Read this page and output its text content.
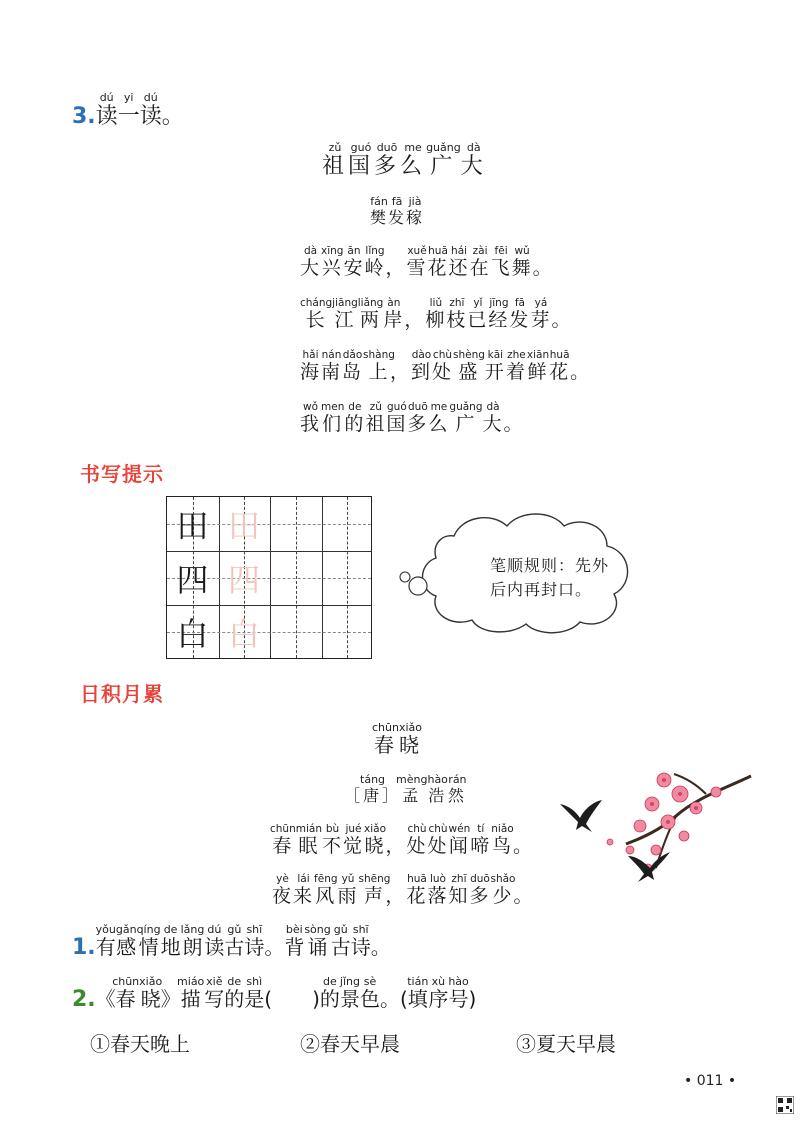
3.读dú一yi读dú。
祖zǔ国guó多duō么me广guǎng大dà
樊fán发fā稼jià
大dà兴xīng安ān岭lǐng，雪xuě花huā还hái在zài飞fēi舞wǔ。
长cháng江jiāng两liǎng岸àn，柳liǔ枝zhī已yǐ经jīng发fā芽yá。
海hǎi南nán岛dǎo上shàng，到dào处chù盛shèng开kāi着zhe鲜xiān花huā。
我wǒ们men的de祖zǔ国guó多duō么me广guǎng大dà。
书写提示
田 田
四 四
白 白
笔顺规则：先外后内再封口。
日积月累
春chūn晓xiǎo
［唐táng］孟mèng浩hào然rán
春chūn眠mián不bù觉jué晓xiǎo，处chù处chù闻wén啼tí鸟niǎo。
夜yè来lái风fēng雨yǔ声shēng，花huā落luò知zhī多duō少shǎo。
1.有yǒu感gǎn情qíng地de朗lǎng读dú古gǔ诗shī。背bèi诵sòng古gǔ诗shī。
2.《春chūn晓xiǎo》描miáo写xiě的de是shì(　　)的de景jǐng色sè。(填tián序xù号hào)
①春天晚上	②春天早晨	③夏天早晨
• 011 •
